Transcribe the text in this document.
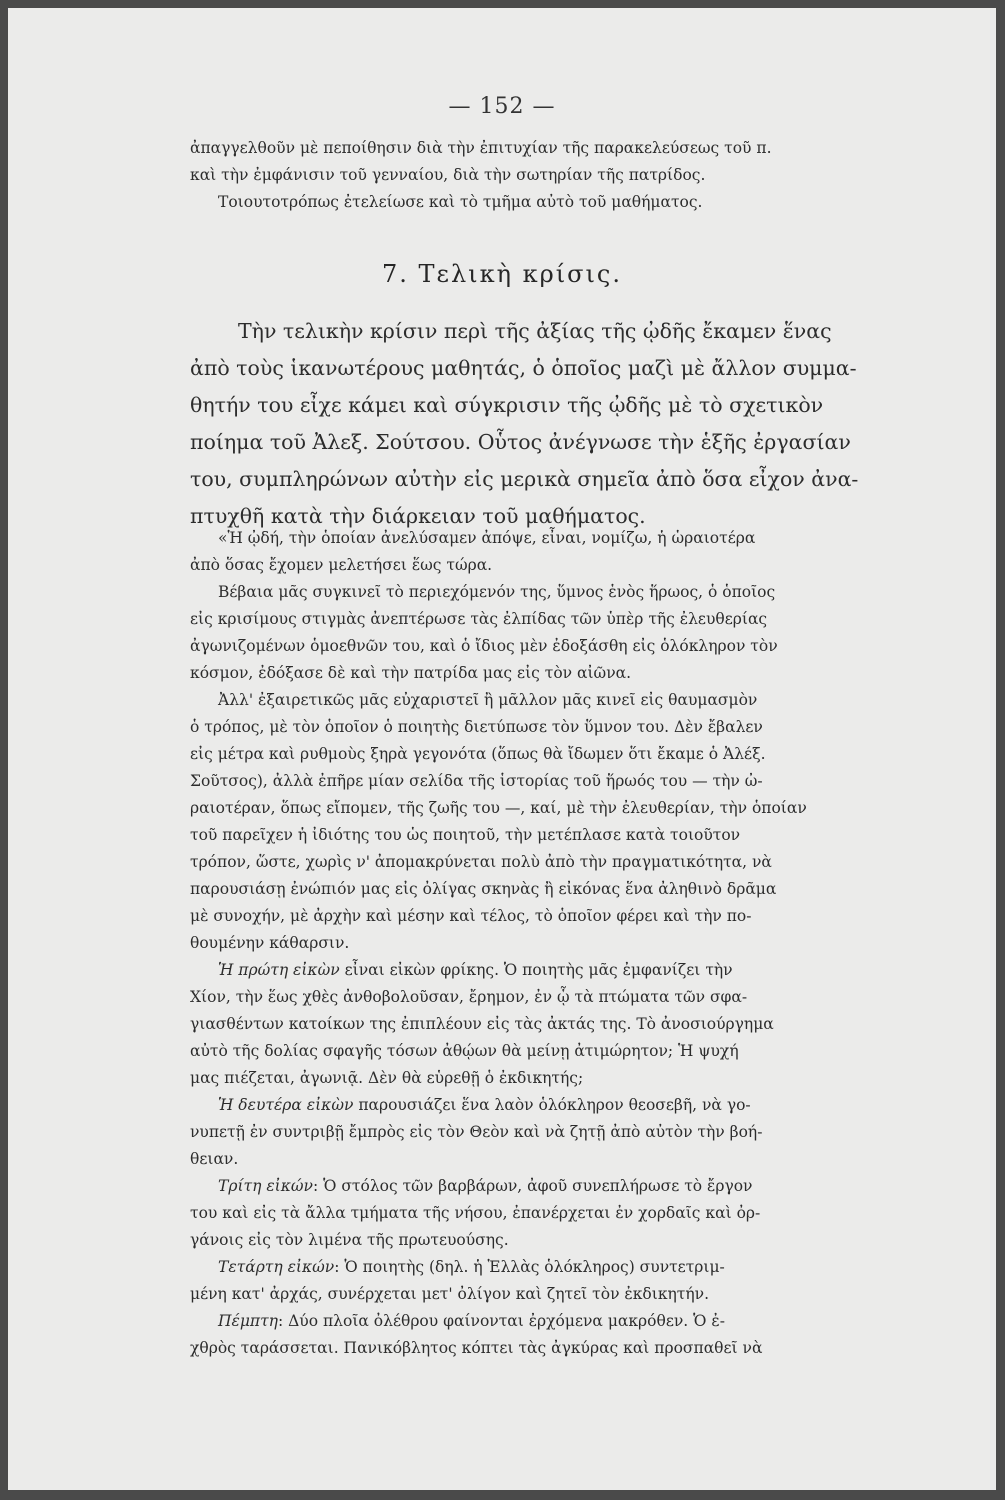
— 152 —
ἀπαγγελθοῦν μὲ πεποίθησιν διὰ τὴν ἐπιτυχίαν τῆς παρακελεύσεως τοῦ π.
καὶ τὴν ἐμφάνισιν τοῦ γενναίου, διὰ τὴν σωτηρίαν τῆς πατρίδος.
Τοιουτοτρόπως ἐτελείωσε καὶ τὸ τμῆμα αὐτὸ τοῦ μαθήματος.
7. Τελικὴ κρίσις.
Τὴν τελικὴν κρίσιν περὶ τῆς ἀξίας τῆς ᾠδῆς ἔκαμεν ἕνας
ἀπὸ τοὺς ἱκανωτέρους μαθητάς, ὁ ὁποῖος μαζὶ μὲ ἄλλον συμμα-
θητήν του εἶχε κάμει καὶ σύγκρισιν τῆς ᾠδῆς μὲ τὸ σχετικὸν
ποίημα τοῦ Ἀλεξ. Σούτσου. Οὗτος ἀνέγνωσε τὴν ἑξῆς ἐργασίαν
του, συμπληρώνων αὐτὴν εἰς μερικὰ σημεῖα ἀπὸ ὅσα εἶχον ἀνα-
πτυχθῆ κατὰ τὴν διάρκειαν τοῦ μαθήματος.
«Ἡ ᾠδή, τὴν ὁποίαν ἀνελύσαμεν ἀπόψε, εἶναι, νομίζω, ἡ ὡραιοτέρα
ἀπὸ ὅσας ἔχομεν μελετήσει ἕως τώρα.
Βέβαια μᾶς συγκινεῖ τὸ περιεχόμενόν της, ὕμνος ἑνὸς ἥρωος, ὁ ὁποῖος
εἰς κρισίμους στιγμὰς ἀνεπτέρωσε τὰς ἐλπίδας τῶν ὑπὲρ τῆς ἐλευθερίας
ἀγωνιζομένων ὁμοεθνῶν του, καὶ ὁ ἴδιος μὲν ἐδοξάσθη εἰς ὁλόκληρον τὸν
κόσμον, ἐδόξασε δὲ καὶ τὴν πατρίδα μας εἰς τὸν αἰῶνα.
Ἀλλ' ἐξαιρετικῶς μᾶς εὐχαριστεῖ ἢ μᾶλλον μᾶς κινεῖ εἰς θαυμασμὸν
ὁ τρόπος, μὲ τὸν ὁποῖον ὁ ποιητὴς διετύπωσε τὸν ὕμνον του. Δὲν ἔβαλεν
εἰς μέτρα καὶ ρυθμοὺς ξηρὰ γεγονότα (ὅπως θὰ ἴδωμεν ὅτι ἔκαμε ὁ Ἀλέξ.
Σοῦτσος), ἀλλὰ ἐπῆρε μίαν σελίδα τῆς ἱστορίας τοῦ ἥρωός του — τὴν ὠ-
ραιοτέραν, ὅπως εἴπομεν, τῆς ζωῆς του —, καί, μὲ τὴν ἐλευθερίαν, τὴν ὁποίαν
τοῦ παρεῖχεν ἡ ἰδιότης του ὡς ποιητοῦ, τὴν μετέπλασε κατὰ τοιοῦτον
τρόπον, ὥστε, χωρὶς ν' ἀπομακρύνεται πολὺ ἀπὸ τὴν πραγματικότητα, νὰ
παρουσιάσῃ ἐνώπιόν μας εἰς ὀλίγας σκηνὰς ἢ εἰκόνας ἕνα ἀληθινὸ δρᾶμα
μὲ συνοχήν, μὲ ἀρχὴν καὶ μέσην καὶ τέλος, τὸ ὁποῖον φέρει καὶ τὴν πο-
θουμένην κάθαρσιν.
Ἡ πρώτη εἰκὼν εἶναι εἰκὼν φρίκης. Ὁ ποιητὴς μᾶς ἐμφανίζει τὴν
Χίον, τὴν ἕως χθὲς ἀνθοβολοῦσαν, ἔρημον, ἐν ᾧ τὰ πτώματα τῶν σφα-
γιασθέντων κατοίκων της ἐπιπλέουν εἰς τὰς ἀκτάς της. Τὸ ἀνοσιούργημα
αὐτὸ τῆς δολίας σφαγῆς τόσων ἀθῴων θὰ μείνῃ ἀτιμώρητον; Ἡ ψυχή
μας πιέζεται, ἀγωνιᾷ. Δὲν θὰ εὑρεθῇ ὁ ἐκδικητής;
Ἡ δευτέρα εἰκὼν παρουσιάζει ἕνα λαὸν ὁλόκληρον θεοσεβῆ, νὰ γο-
νυπετῇ ἐν συντριβῇ ἔμπρὸς εἰς τὸν Θεὸν καὶ νὰ ζητῇ ἀπὸ αὐτὸν τὴν βοή-
θειαν.
Τρίτη εἰκών: Ὁ στόλος τῶν βαρβάρων, ἀφοῦ συνεπλήρωσε τὸ ἔργον
του καὶ εἰς τὰ ἄλλα τμήματα τῆς νήσου, ἐπανέρχεται ἐν χορδαῖς καὶ ὀρ-
γάνοις εἰς τὸν λιμένα τῆς πρωτευούσης.
Τετάρτη εἰκών: Ὁ ποιητὴς (δηλ. ἡ Ἑλλὰς ὁλόκληρος) συντετριμ-
μένη κατ' ἀρχάς, συνέρχεται μετ' ὀλίγον καὶ ζητεῖ τὸν ἐκδικητήν.
Πέμπτη: Δύο πλοῖα ὀλέθρου φαίνονται ἐρχόμενα μακρόθεν. Ὁ ἐ-
χθρὸς ταράσσεται. Πανικόβλητος κόπτει τὰς ἀγκύρας καὶ προσπαθεῖ νὰ
